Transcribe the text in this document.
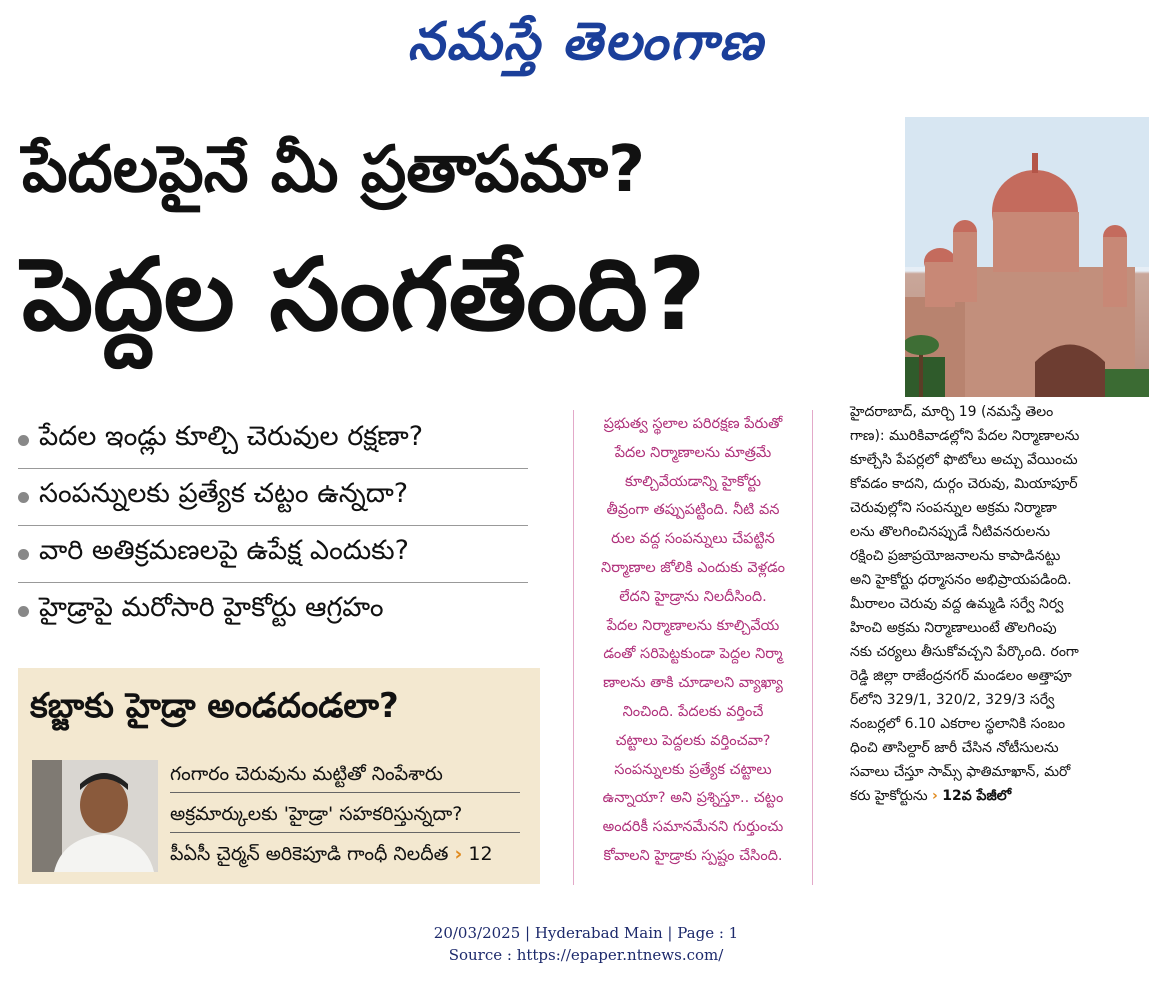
నమస్తే తెలంగాణ
పేదలపైనే మీ ప్రతాపమా?
పెద్దల సంగతేంది?
పేదల ఇండ్లు కూల్చి చెరువుల రక్షణా?
సంపన్నులకు ప్రత్యేక చట్టం ఉన్నదా?
వారి అతిక్రమణలపై ఉపేక్ష ఎందుకు?
హైడ్రాపై మరోసారి హైకోర్టు ఆగ్రహం
కబ్జాకు హైడ్రా అండదండలా?
గంగారం చెరువును మట్టితో నింపేశారు
అక్రమార్కులకు 'హైడ్రా' సహకరిస్తున్నదా?
పీఏసీ చైర్మన్ అరికెపూడి గాంధీ నిలదీత › 12
ప్రభుత్వ స్థలాల పరిరక్షణ పేరుతో
పేదల నిర్మాణాలను మాత్రమే
కూల్చివేయడాన్ని హైకోర్టు
తీవ్రంగా తప్పుపట్టింది. నీటి వన
రుల వద్ద సంపన్నులు చేపట్టిన
నిర్మాణాల జోలికి ఎందుకు వెళ్లడం
లేదని హైడ్రాను నిలదీసింది.
పేదల నిర్మాణాలను కూల్చివేయ
డంతో సరిపెట్టకుండా పెద్దల నిర్మా
ణాలను తాకి చూడాలని వ్యాఖ్యా
నించింది. పేదలకు వర్తించే
చట్టాలు పెద్దలకు వర్తించవా?
సంపన్నులకు ప్రత్యేక చట్టాలు
ఉన్నాయా? అని ప్రశ్నిస్తూ.. చట్టం
అందరికీ సమానమేనని గుర్తుంచు
కోవాలని హైడ్రాకు స్పష్టం చేసింది.
హైదరాబాద్, మార్చి 19 (నమస్తే తెలం
గాణ): మురికివాడల్లోని పేదల నిర్మాణాలను
కూల్చేసి పేపర్లలో ఫొటోలు అచ్చు వేయించు
కోవడం కాదని, దుర్గం చెరువు, మియాపూర్
చెరువుల్లోని సంపన్నుల అక్రమ నిర్మాణా
లను తొలగించినప్పుడే నీటివనరులను
రక్షించి ప్రజాప్రయోజనాలను కాపాడినట్టు
అని హైకోర్టు ధర్మాసనం అభిప్రాయపడింది.
మీరాలం చెరువు వద్ద ఉమ్మడి సర్వే నిర్వ
హించి అక్రమ నిర్మాణాలుంటే తొలగింపు
నకు చర్యలు తీసుకోవచ్చని పేర్కొంది. రంగా
రెడ్డి జిల్లా రాజేంద్రనగర్ మండలం అత్తాపూ
ర్‌లోని 329/1, 320/2, 329/3 సర్వే
నంబర్లలో 6.10 ఎకరాల స్థలానికి సంబం
ధించి తాసిల్దార్ జారీ చేసిన నోటీసులను
సవాలు చేస్తూ సామ్స్ ఫాతిమాఖాన్, మరో
కరు హైకోర్టును › 12వ పేజీలో
20/03/2025 | Hyderabad Main | Page : 1
Source : https://epaper.ntnews.com/
